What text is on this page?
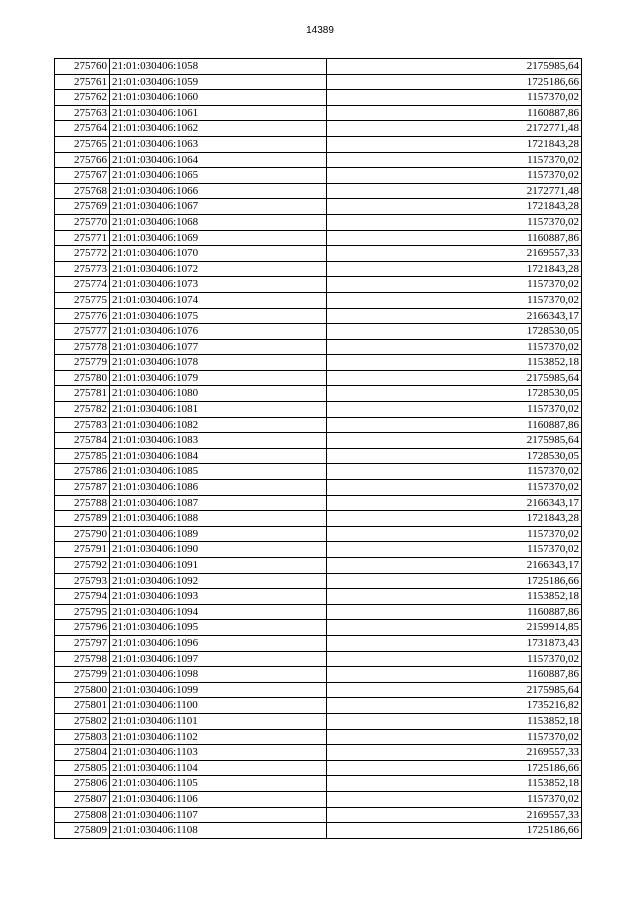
14389
275760	21:01:030406:1058	2175985,64
275761	21:01:030406:1059	1725186,66
275762	21:01:030406:1060	1157370,02
275763	21:01:030406:1061	1160887,86
275764	21:01:030406:1062	2172771,48
275765	21:01:030406:1063	1721843,28
275766	21:01:030406:1064	1157370,02
275767	21:01:030406:1065	1157370,02
275768	21:01:030406:1066	2172771,48
275769	21:01:030406:1067	1721843,28
275770	21:01:030406:1068	1157370,02
275771	21:01:030406:1069	1160887,86
275772	21:01:030406:1070	2169557,33
275773	21:01:030406:1072	1721843,28
275774	21:01:030406:1073	1157370,02
275775	21:01:030406:1074	1157370,02
275776	21:01:030406:1075	2166343,17
275777	21:01:030406:1076	1728530,05
275778	21:01:030406:1077	1157370,02
275779	21:01:030406:1078	1153852,18
275780	21:01:030406:1079	2175985,64
275781	21:01:030406:1080	1728530,05
275782	21:01:030406:1081	1157370,02
275783	21:01:030406:1082	1160887,86
275784	21:01:030406:1083	2175985,64
275785	21:01:030406:1084	1728530,05
275786	21:01:030406:1085	1157370,02
275787	21:01:030406:1086	1157370,02
275788	21:01:030406:1087	2166343,17
275789	21:01:030406:1088	1721843,28
275790	21:01:030406:1089	1157370,02
275791	21:01:030406:1090	1157370,02
275792	21:01:030406:1091	2166343,17
275793	21:01:030406:1092	1725186,66
275794	21:01:030406:1093	1153852,18
275795	21:01:030406:1094	1160887,86
275796	21:01:030406:1095	2159914,85
275797	21:01:030406:1096	1731873,43
275798	21:01:030406:1097	1157370,02
275799	21:01:030406:1098	1160887,86
275800	21:01:030406:1099	2175985,64
275801	21:01:030406:1100	1735216,82
275802	21:01:030406:1101	1153852,18
275803	21:01:030406:1102	1157370,02
275804	21:01:030406:1103	2169557,33
275805	21:01:030406:1104	1725186,66
275806	21:01:030406:1105	1153852,18
275807	21:01:030406:1106	1157370,02
275808	21:01:030406:1107	2169557,33
275809	21:01:030406:1108	1725186,66
